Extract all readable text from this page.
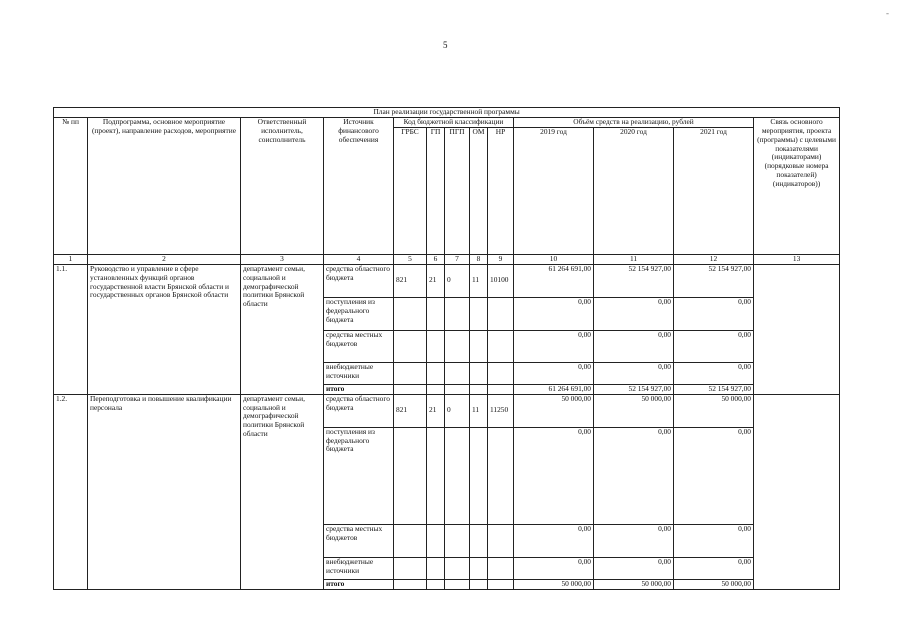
-
5
План реализации государственной программы												
№ пп	Подпрограмма, основное мероприятие (проект), направление расходов, мероприятие	Ответственный исполнитель, соисполнитель	Источник финансового обеспечения	Код бюджетной классификации					Объём средств на реализацию, рублей			Связь основного мероприятия, проекта (программы) с целевыми показателями (индикаторами) (порядковые номера показателей) (индикаторов))
				ГРБС	ГП	ПГП	ОМ	НР	2019 год	2020 год	2021 год	
1	2	3	4	5	6	7	8	9	10	11	12	13
1.1.	Руководство и управление в сфере установленных функций органов государственной власти Брянской области и государственных органов Брянской области	департамент семьи, социальной и демографической политики Брянской области	средства областного бюджета	821	21	0	11	10100	61 264 691,00	52 154 927,00	52 154 927,00	
			поступления из федерального бюджета						0,00	0,00	0,00	
			средства местных бюджетов						0,00	0,00	0,00	
			внебюджетные источники						0,00	0,00	0,00	
			итого						61 264 691,00	52 154 927,00	52 154 927,00	
1.2.	Переподготовка и повышение квалификации персонала	департамент семьи, социальной и демографической политики Брянской области	средства областного бюджета	821	21	0	11	11250	50 000,00	50 000,00	50 000,00	
			поступления из федерального бюджета						0,00	0,00	0,00	
			средства местных бюджетов						0,00	0,00	0,00	
			внебюджетные источники						0,00	0,00	0,00	
			итого						50 000,00	50 000,00	50 000,00	
